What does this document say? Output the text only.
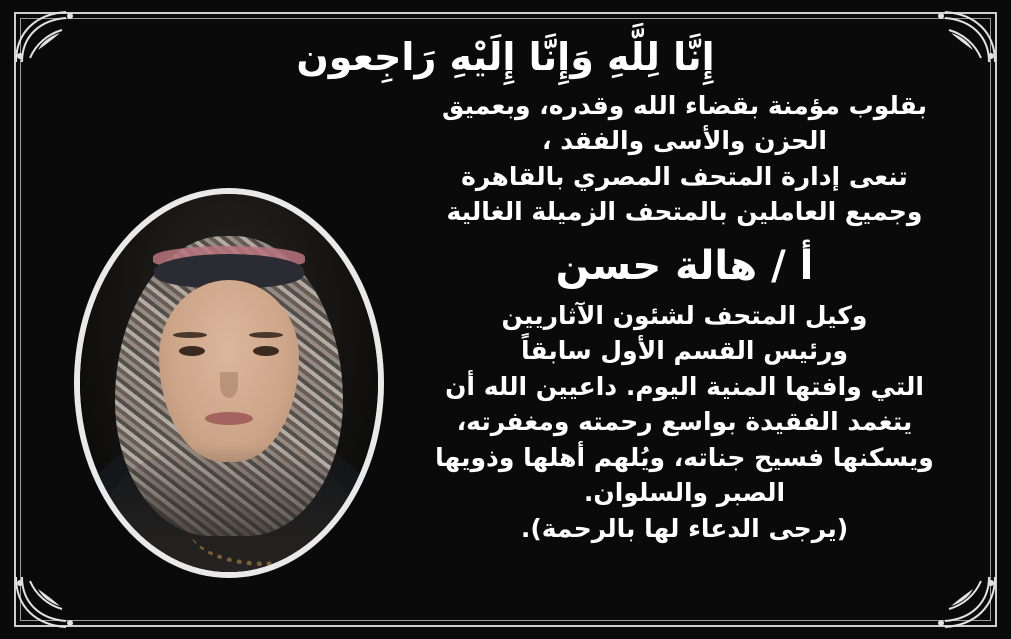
إِنَّا لِلَّهِ وَإِنَّا إِلَيْهِ رَاجِعون
بقلوب مؤمنة بقضاء الله وقدره، وبعميق
الحزن والأسى والفقد ،
تنعى إدارة المتحف المصري بالقاهرة
وجميع العاملين بالمتحف الزميلة الغالية
أ / هالة حسن
وكيل المتحف لشئون الآثاريين
ورئيس القسم الأول سابقاً
التي وافتها المنية اليوم. داعيين الله أن
يتغمد الفقيدة بواسع رحمته ومغفرته،
ويسكنها فسيح جناته، ويُلهم أهلها وذويها
الصبر والسلوان.
(يرجى الدعاء لها بالرحمة).
